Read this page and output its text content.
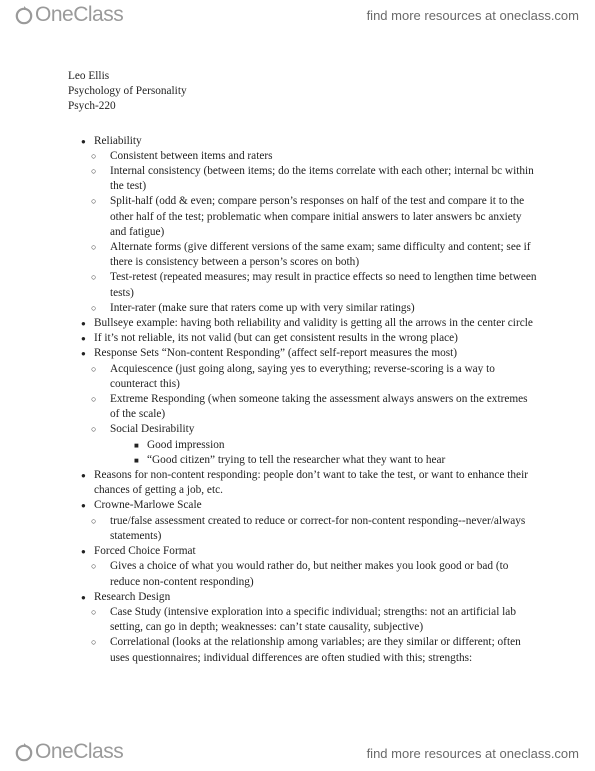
OneClass	find more resources at oneclass.com
Leo Ellis
Psychology of Personality
Psych-220
● Reliability
○ Consistent between items and raters
○ Internal consistency (between items; do the items correlate with each other; internal bc within the test)
○ Split-half (odd & even; compare person’s responses on half of the test and compare it to the other half of the test; problematic when compare initial answers to later answers bc anxiety and fatigue)
○ Alternate forms (give different versions of the same exam; same difficulty and content; see if there is consistency between a person’s scores on both)
○ Test-retest (repeated measures; may result in practice effects so need to lengthen time between tests)
○ Inter-rater (make sure that raters come up with very similar ratings)
● Bullseye example: having both reliability and validity is getting all the arrows in the center circle
● If it’s not reliable, its not valid (but can get consistent results in the wrong place)
● Response Sets “Non-content Responding” (affect self-report measures the most)
○ Acquiescence (just going along, saying yes to everything; reverse-scoring is a way to counteract this)
○ Extreme Responding (when someone taking the assessment always answers on the extremes of the scale)
○ Social Desirability
■ Good impression
■ “Good citizen” trying to tell the researcher what they want to hear
● Reasons for non-content responding: people don’t want to take the test, or want to enhance their chances of getting a job, etc.
● Crowne-Marlowe Scale
○ true/false assessment created to reduce or correct-for non-content responding--never/always statements)
● Forced Choice Format
○ Gives a choice of what you would rather do, but neither makes you look good or bad (to reduce non-content responding)
● Research Design
○ Case Study (intensive exploration into a specific individual; strengths: not an artificial lab setting, can go in depth; weaknesses: can’t state causality, subjective)
○ Correlational (looks at the relationship among variables; are they similar or different; often uses questionnaires; individual differences are often studied with this; strengths:
OneClass	find more resources at oneclass.com
